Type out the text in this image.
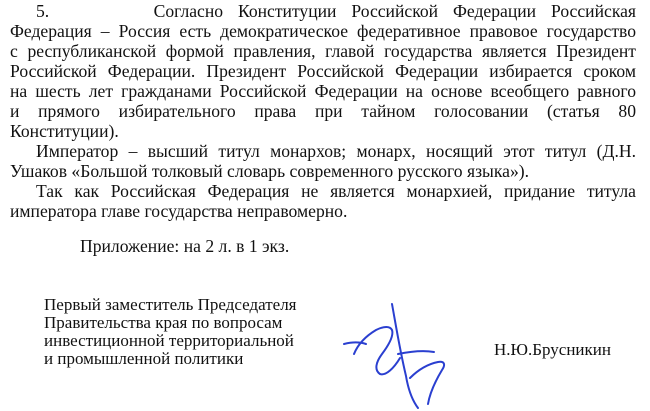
5.       Согласно Конституции Российской Федерации Российская
Федерация – Россия есть демократическое федеративное правовое государство
с республиканской формой правления, главой государства является Президент
Российской Федерации. Президент Российской Федерации избирается сроком
на шесть лет гражданами Российской Федерации на основе всеобщего равного
и прямого избирательного права при тайном голосовании (статья 80
Конституции).
Император – высший титул монархов; монарх, носящий этот титул (Д.Н.
Ушаков «Большой толковый словарь современного русского языка»).
Так как Российская Федерация не является монархией, придание титула
императора главе государства неправомерно.
Приложение: на 2 л. в 1 экз.
Первый заместитель Председателя
Правительства края по вопросам
инвестиционной территориальной
и промышленной политики	Н.Ю.Брусникин
